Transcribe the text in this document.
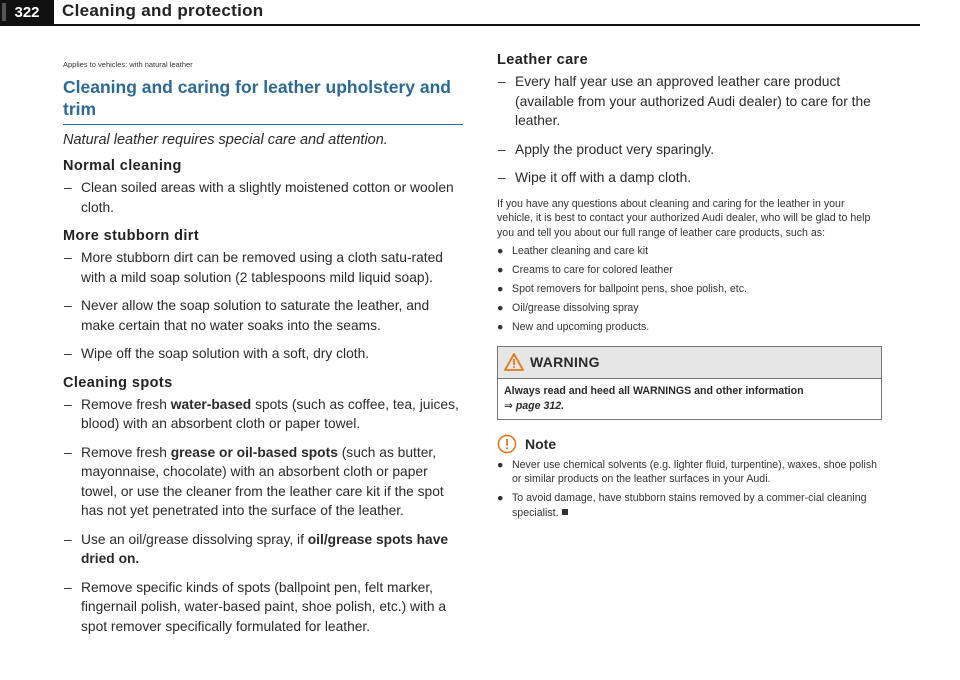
322 Cleaning and protection

Applies to vehicles: with natural leather

Cleaning and caring for leather upholstery and trim

Natural leather requires special care and attention.

Normal cleaning
– Clean soiled areas with a slightly moistened cotton or woolen cloth.
More stubborn dirt
– More stubborn dirt can be removed using a cloth satu-rated with a mild soap solution (2 tablespoons mild liquid soap).
– Never allow the soap solution to saturate the leather, and make certain that no water soaks into the seams.
– Wipe off the soap solution with a soft, dry cloth.
Cleaning spots
– Remove fresh water-based spots (such as coffee, tea, juices, blood) with an absorbent cloth or paper towel.
– Remove fresh grease or oil-based spots (such as butter, mayonnaise, chocolate) with an absorbent cloth or paper towel, or use the cleaner from the leather care kit if the spot has not yet penetrated into the surface of the leather.
– Use an oil/grease dissolving spray, if oil/grease spots have dried on.
– Remove specific kinds of spots (ballpoint pen, felt marker, fingernail polish, water-based paint, shoe polish, etc.) with a spot remover specifically formulated for leather.
Leather care
– Every half year use an approved leather care product (available from your authorized Audi dealer) to care for the leather.
– Apply the product very sparingly.
– Wipe it off with a damp cloth.

If you have any questions about cleaning and caring for the leather in your vehicle, it is best to contact your authorized Audi dealer, who will be glad to help you and tell you about our full range of leather care products, such as:

● Leather cleaning and care kit
● Creams to care for colored leather
● Spot removers for ballpoint pens, shoe polish, etc.
● Oil/grease dissolving spray
● New and upcoming products.
WARNING
Always read and heed all WARNINGS and other information
⇒ page 312.
Note
● Never use chemical solvents (e.g. lighter fluid, turpentine), waxes, shoe polish or similar products on the leather surfaces in your Audi.
● To avoid damage, have stubborn stains removed by a commer-cial cleaning specialist.
